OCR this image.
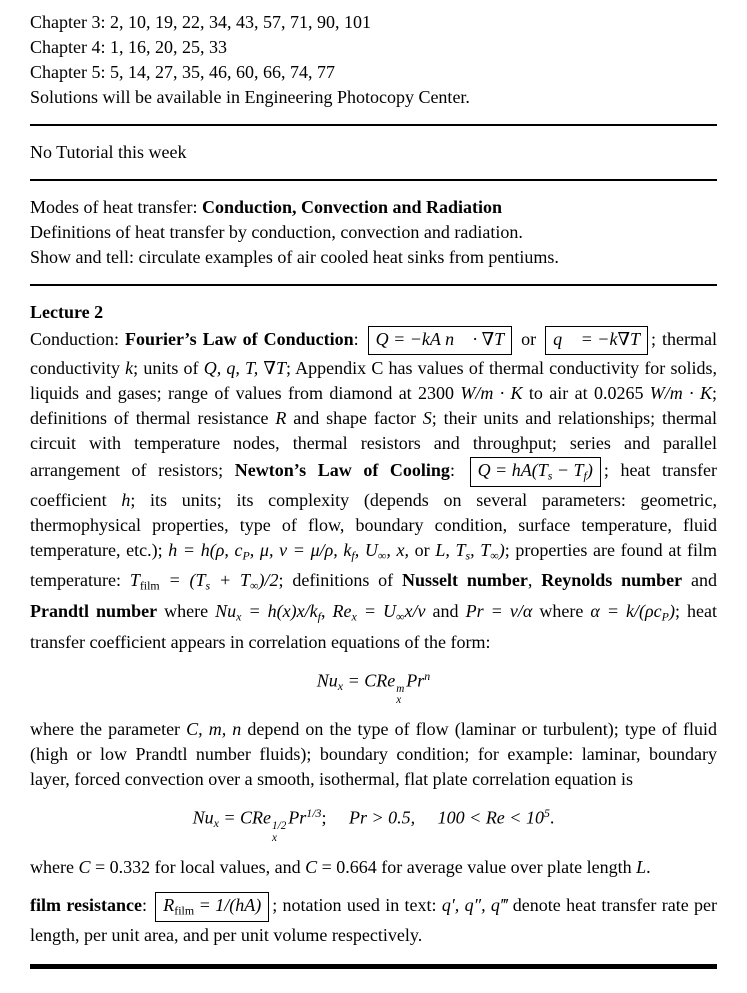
Chapter 3: 2, 10, 19, 22, 34, 43, 57, 71, 90, 101

Chapter 4: 1, 16, 20, 25, 33

Chapter 5: 5, 14, 27, 35, 46, 60, 66, 74, 77

Solutions will be available in Engineering Photocopy Center.

No Tutorial this week

Modes of heat transfer: Conduction, Convection and Radiation

Definitions of heat transfer by conduction, convection and radiation.

Show and tell: circulate examples of air cooled heat sinks from pentiums.

Lecture 2

Conduction: Fourier’s Law of Conduction: Q = −kA n⃗ · ∇T or q⃗ = −k∇T ; thermal conductivity k; units of Q, q, T, ∇T; Appendix C has values of thermal conductivity for solids, liquids and gases; range of values from diamond at 2300 W/m · K to air at 0.0265 W/m · K; definitions of thermal resistance R and shape factor S; their units and relationships; thermal circuit with temperature nodes, thermal resistors and throughput; series and parallel arrangement of resistors; Newton’s Law of Cooling: $Q = hA(T_s - T_f)$ ; heat transfer coefficient h; its units; its complexity (depends on several parameters: geometric, thermophysical properties, type of flow, boundary condition, surface temperature, fluid temperature, etc.); h = h(ρ, $c_P$, μ, ν = μ/ρ, $k_f$, $U_\infty$, x, or L, $T_s$, $T_\infty$); properties are found at film temperature: $T_{film} = (T_s + T_\infty)/2$; definitions of Nusselt number, Reynolds number and Prandtl number where $Nu_x = h(x)x/k_f$, $Re_x = U_\infty x/\nu$ and Pr = ν/α where $\alpha = k/(\rho c_P)$; heat transfer coefficient appears in correlation equations of the form:

$Nu_x$ = CRe m
x
Pr$^n$

where the parameter C, m, n depend on the type of flow (laminar or turbulent); type of fluid (high or low Prandtl number fluids); boundary condition; for example: laminar, boundary layer, forced convection over a smooth, isothermal, flat plate correlation equation is

$Nu_x$ = CRe 1/2
x
$Pr^{1/3}$;  Pr > 0.5,  $100 < Re < 10^5$.

where C = 0.332 for local values, and C = 0.664 for average value over plate length L.

film resistance: $R_{film} = 1/(hA)$ ; notation used in text: q′, q″, q‴ denote heat transfer rate per length, per unit area, and per unit volume respectively.
